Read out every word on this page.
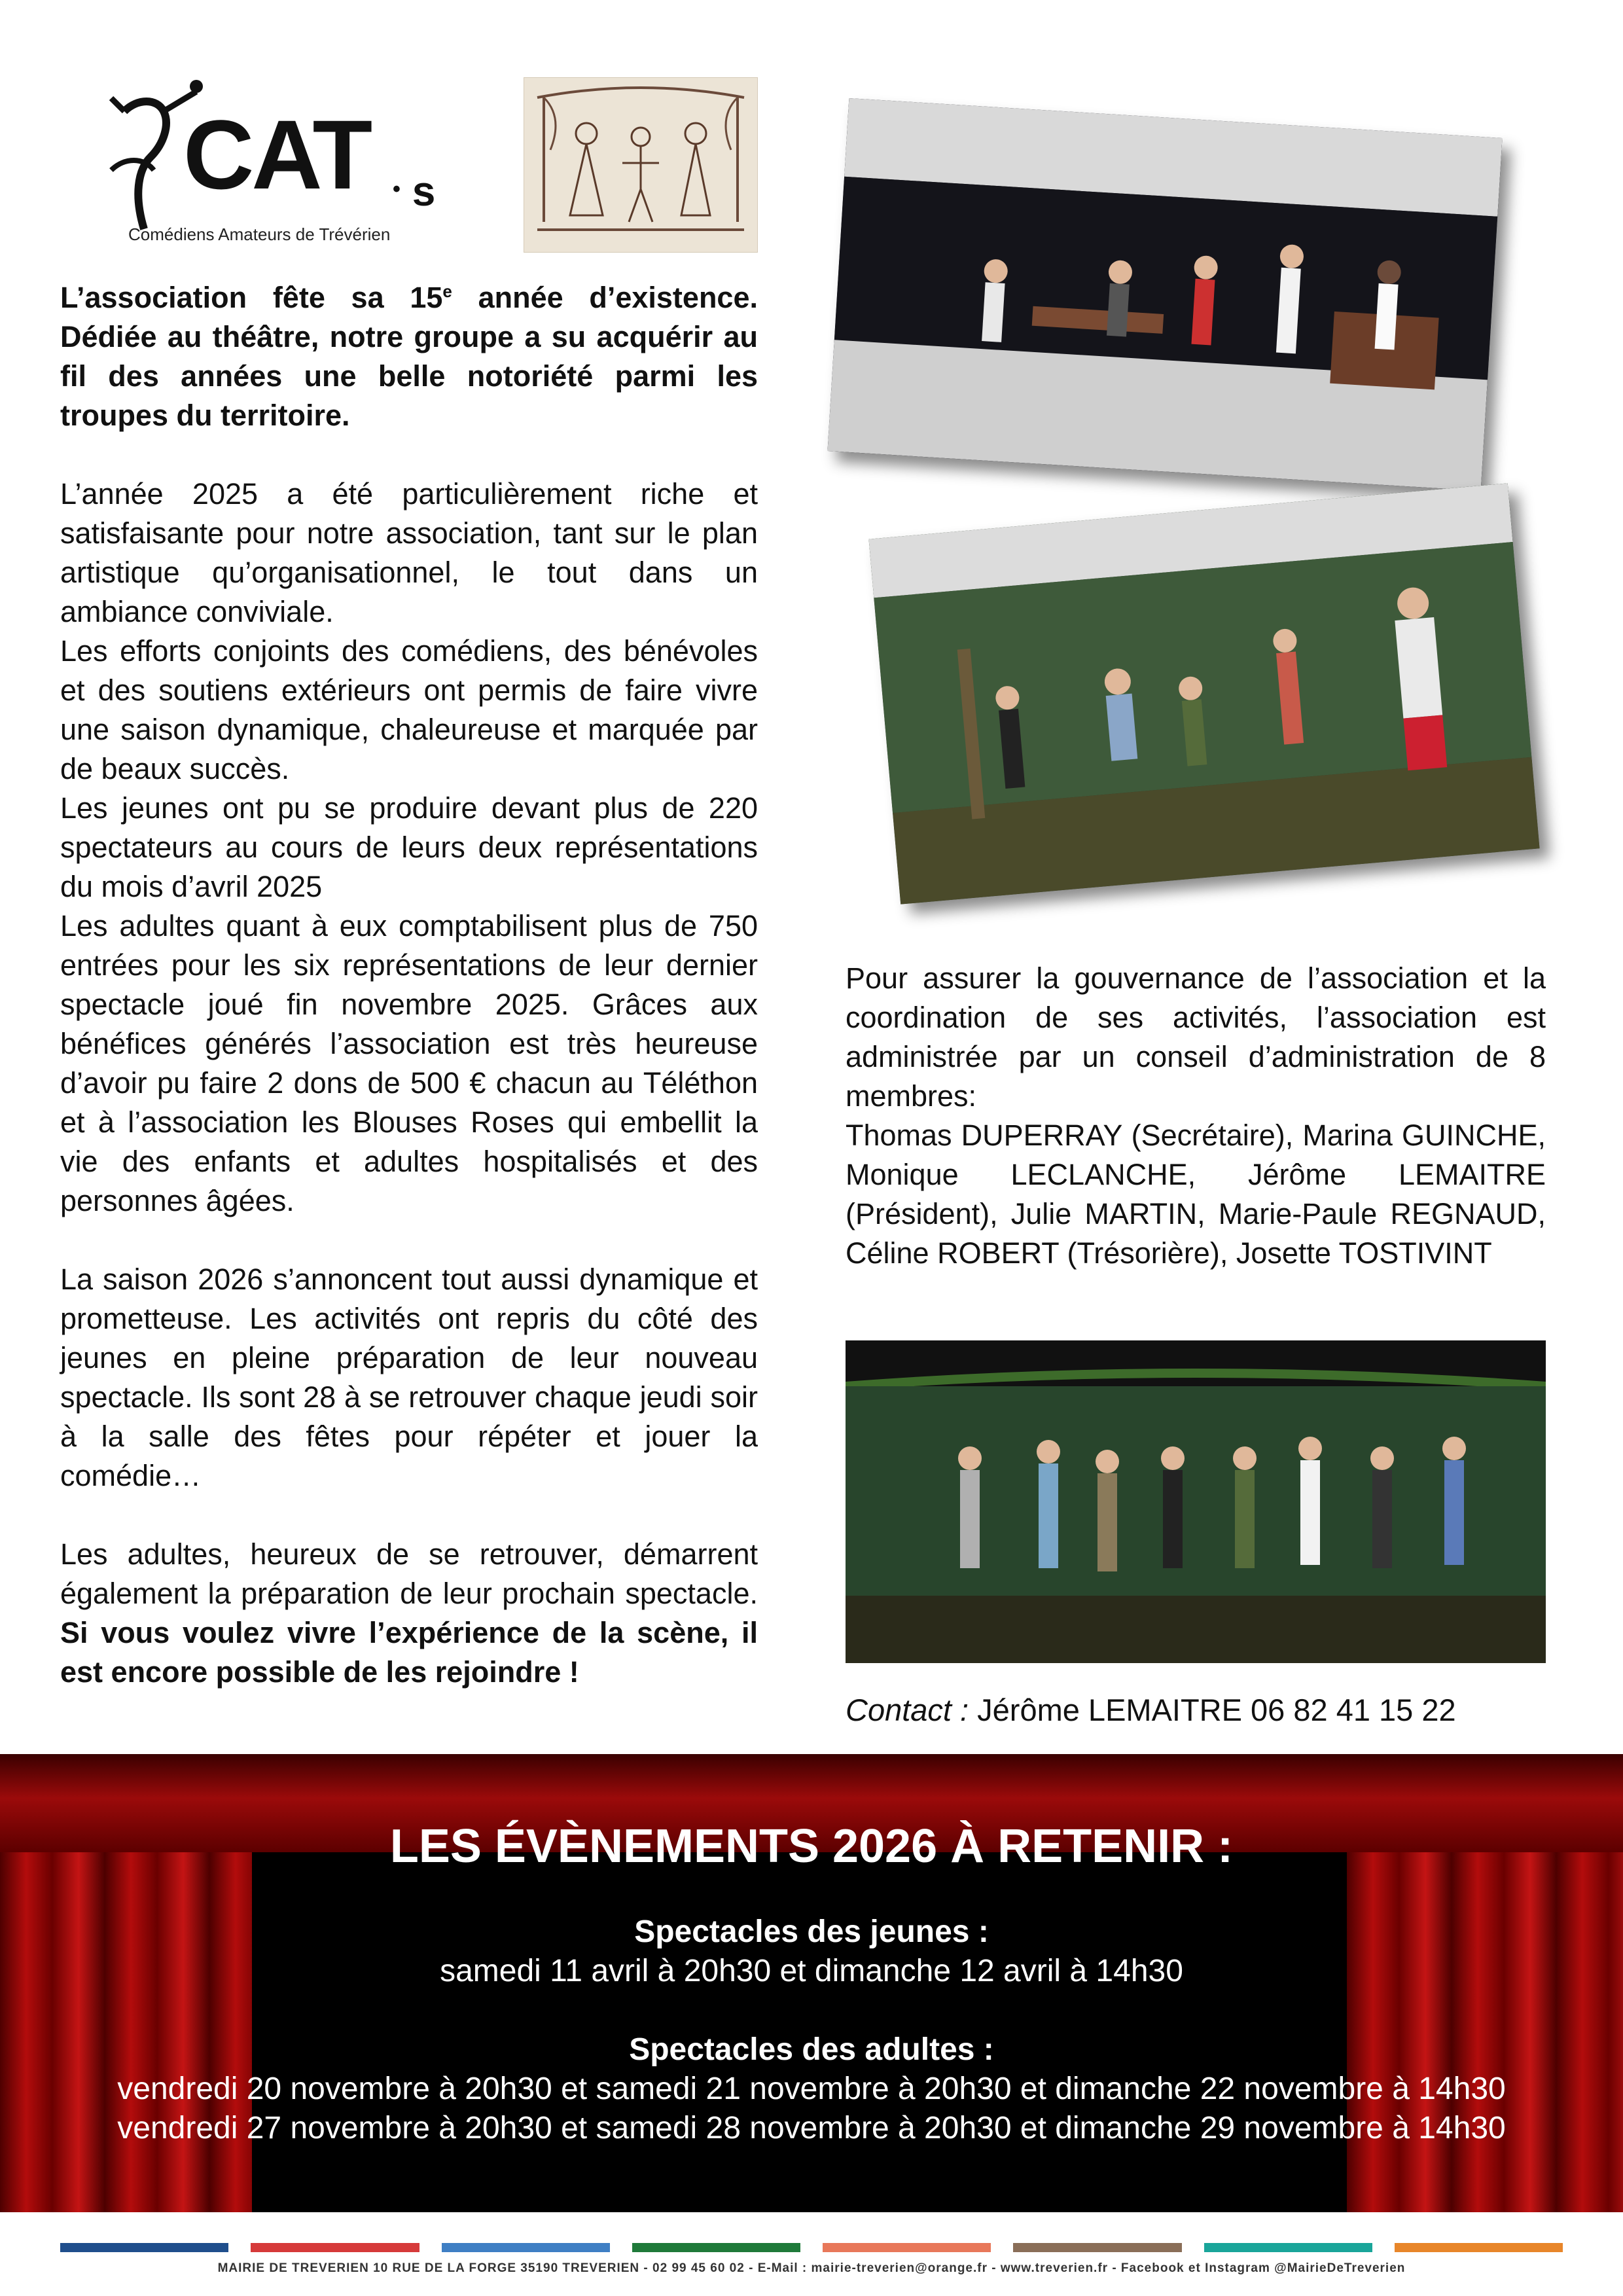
CAT • s
Comédiens Amateurs de Trévérien

L’association fête sa 15e année d’existence. Dédiée au théâtre, notre groupe a su acquérir au fil des années une belle notoriété parmi les troupes du territoire.

L’année 2025 a été particulièrement riche et satisfaisante pour notre association, tant sur le plan artistique qu’organisationnel, le tout dans un ambiance conviviale.

Les efforts conjoints des comédiens, des bénévoles et des soutiens extérieurs ont permis de faire vivre une saison dynamique, chaleureuse et marquée par de beaux succès.

Les jeunes ont pu se produire devant plus de 220 spectateurs au cours de leurs deux représentations du mois d’avril 2025

Les adultes quant à eux comptabilisent plus de 750 entrées pour les six représentations de leur dernier spectacle joué fin novembre 2025. Grâces aux bénéfices générés l’association est très heureuse d’avoir pu faire 2 dons de 500 € chacun au Téléthon et à l’association les Blouses Roses qui embellit la vie des enfants et adultes hospitalisés et des personnes âgées.

La saison 2026 s’annoncent tout aussi dynamique et prometteuse. Les activités ont repris du côté des jeunes en pleine préparation de leur nouveau spectacle. Ils sont 28 à se retrouver chaque jeudi soir à la salle des fêtes pour répéter et jouer la comédie…

Les adultes, heureux de se retrouver, démarrent également la préparation de leur prochain spectacle. Si vous voulez vivre l’expérience de la scène, il est encore possible de les rejoindre !

Pour assurer la gouvernance de l’association et la coordination de ses activités, l’association est administrée par un conseil d’administration de 8 membres:

Thomas DUPERRAY (Secrétaire), Marina GUINCHE, Monique LECLANCHE, Jérôme LEMAITRE (Président), Julie MARTIN, Marie-Paule REGNAUD, Céline ROBERT (Trésorière), Josette TOSTIVINT

Contact : Jérôme LEMAITRE 06 82 41 15 22
LES ÉVÈNEMENTS 2026 À RETENIR :
Spectacles des jeunes :
samedi 11 avril à 20h30 et dimanche 12 avril à 14h30
Spectacles des adultes :
vendredi 20 novembre à 20h30 et samedi 21 novembre à 20h30 et dimanche 22 novembre à 14h30
vendredi 27 novembre à 20h30 et samedi 28 novembre à 20h30 et dimanche 29 novembre à 14h30
MAIRIE DE TREVERIEN 10 RUE DE LA FORGE 35190 TREVERIEN - 02 99 45 60 02 - E-Mail : mairie-treverien@orange.fr - www.treverien.fr - Facebook et Instagram @MairieDeTreverien
